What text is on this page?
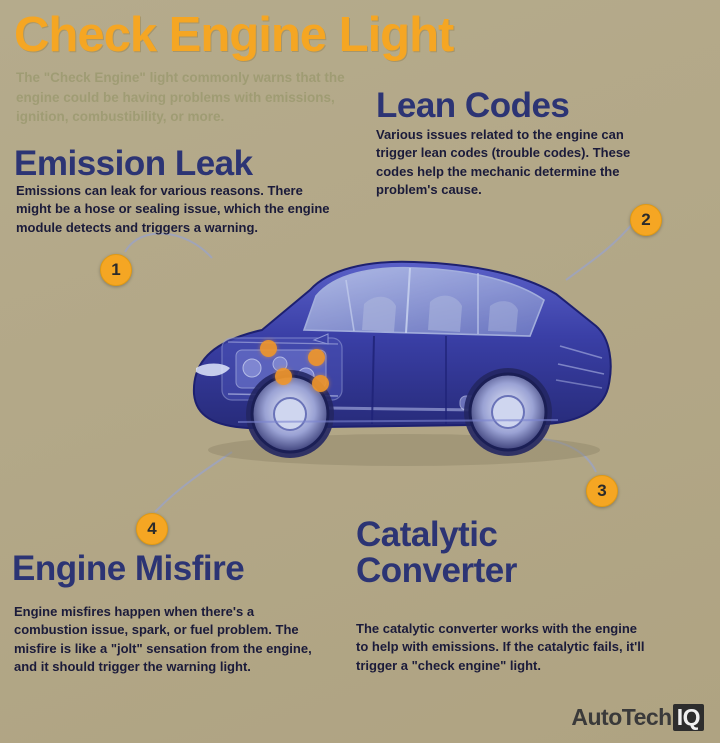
Check Engine Light
The "Check Engine" light commonly warns that the engine could be having problems with emissions, ignition, combustibility, or more.
Emission Leak
Emissions can leak for various reasons. There might be a hose or sealing issue, which the engine module detects and triggers a warning.
1
Lean Codes
Various issues related to the engine can trigger lean codes (trouble codes). These codes help the mechanic determine the problem's cause.
2
Catalytic Converter
The catalytic converter works with the engine to help with emissions. If the catalytic fails, it'll trigger a "check engine" light.
3
Engine Misfire
Engine misfires happen when there's a combustion issue, spark, or fuel problem. The misfire is like a "jolt" sensation from the engine, and it should trigger the warning light.
4
AutoTech IQ
